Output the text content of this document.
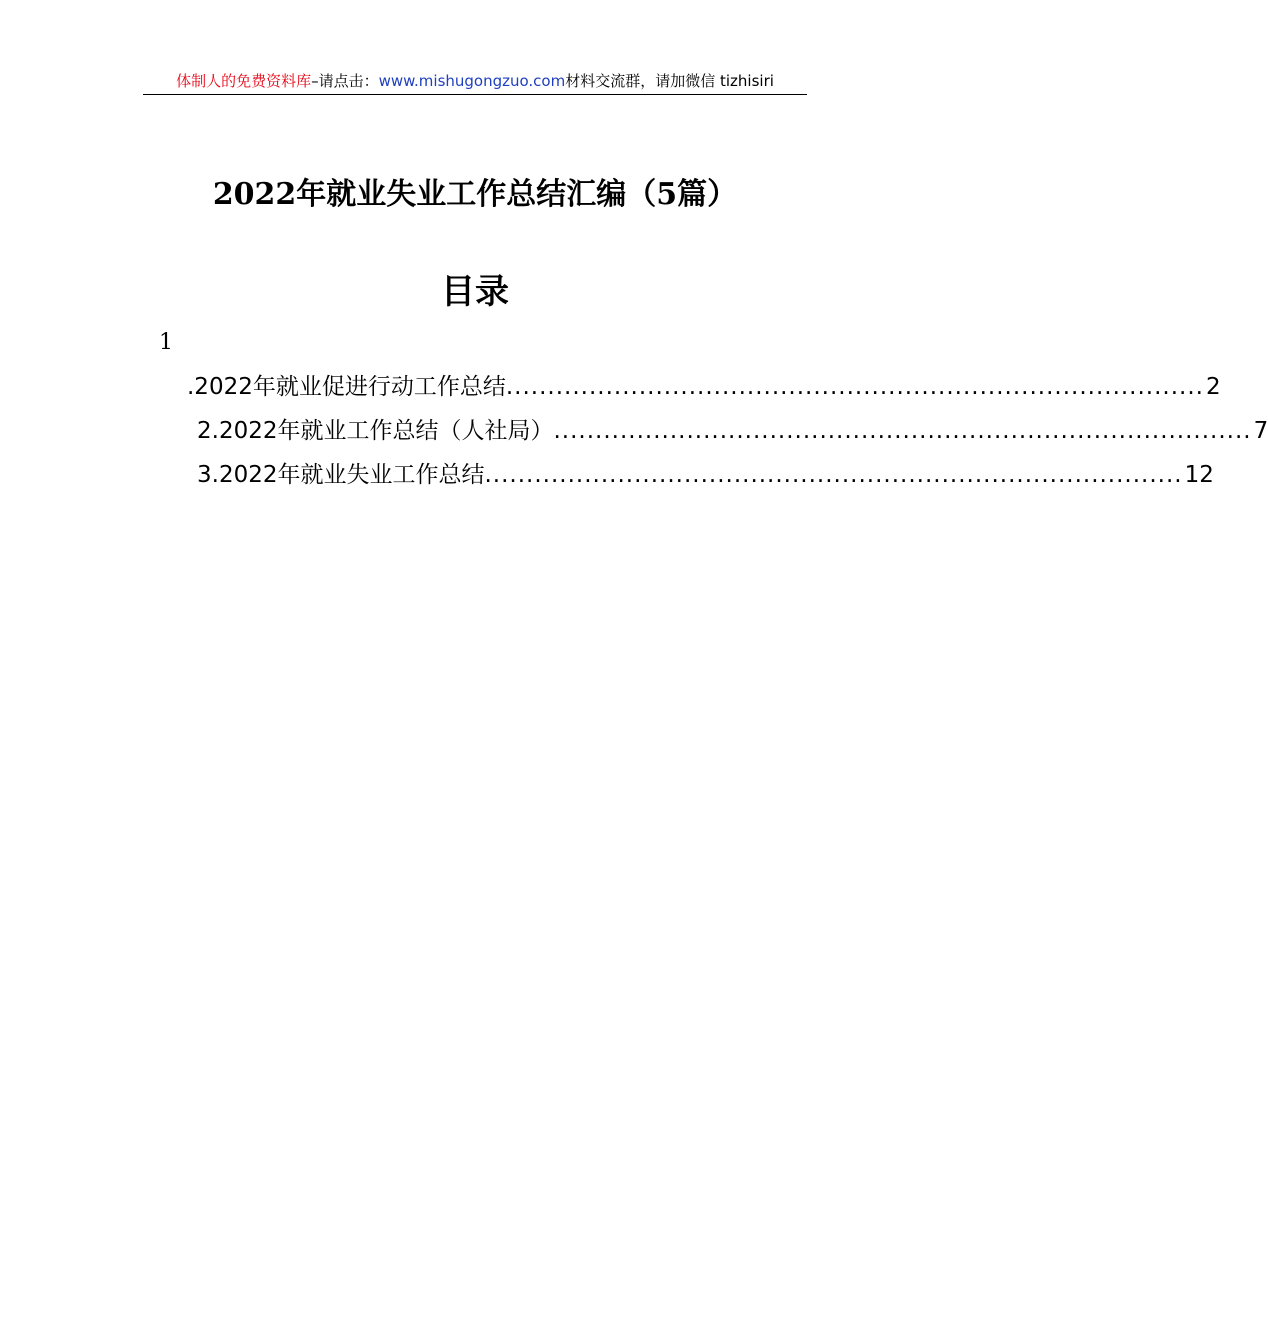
体制人的免费资料库–请点击：www.mishugongzuo.com材料交流群，请加微信 tizhisiri
2022年就业失业工作总结汇编（5篇）
目录
1
.2022年就业促进行动工作总结 .................................................................................... 2
2.2022年就业工作总结（人社局） .................................................................................... 7
3.2022年就业失业工作总结 .................................................................................... 12
